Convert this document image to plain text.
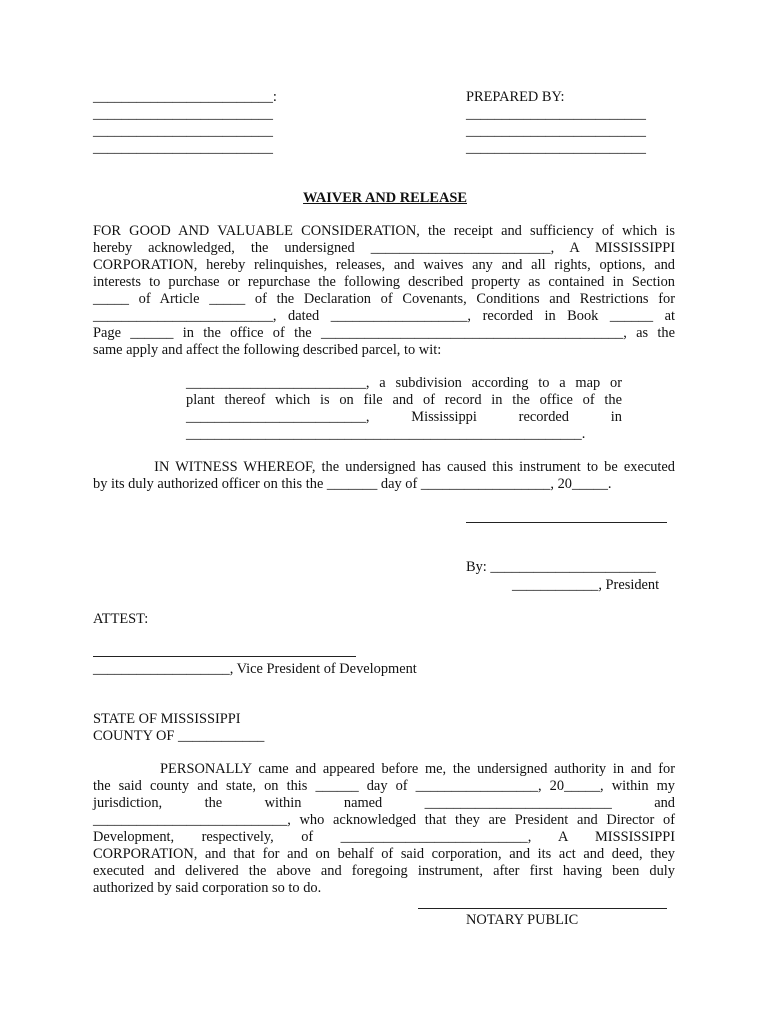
_________________________:
_________________________
_________________________
_________________________
PREPARED BY:
_________________________
_________________________
_________________________
WAIVER AND RELEASE
FOR GOOD AND VALUABLE CONSIDERATION, the receipt and sufficiency of which is
hereby acknowledged, the undersigned _________________________, A MISSISSIPPI
CORPORATION, hereby relinquishes, releases, and waives any and all rights, options, and
interests to purchase or repurchase the following described property as contained in Section
_____ of Article _____ of the Declaration of Covenants, Conditions and Restrictions for
_________________________, dated ___________________, recorded in Book ______ at
Page ______ in the office of the __________________________________________, as the
same apply and affect the following described parcel, to wit:
_________________________, a subdivision according to a map or
plant thereof which is on file and of record in the office of the
_________________________, Mississippi recorded in
_______________________________________________________.
IN WITNESS WHEREOF, the undersigned has caused this instrument to be executed
by its duly authorized officer on this the _______ day of __________________, 20_____.
By: _______________________
____________, President
ATTEST:
___________________, Vice President of Development
STATE OF MISSISSIPPI
COUNTY OF ____________
PERSONALLY came and appeared before me, the undersigned authority in and for
the said county and state, on this ______ day of _________________, 20_____, within my
jurisdiction, the within named __________________________ and
___________________________, who acknowledged that they are President and Director of
Development, respectively, of __________________________, A MISSISSIPPI
CORPORATION, and that for and on behalf of said corporation, and its act and deed, they
executed and delivered the above and foregoing instrument, after first having been duly
authorized by said corporation so to do.
NOTARY PUBLIC
